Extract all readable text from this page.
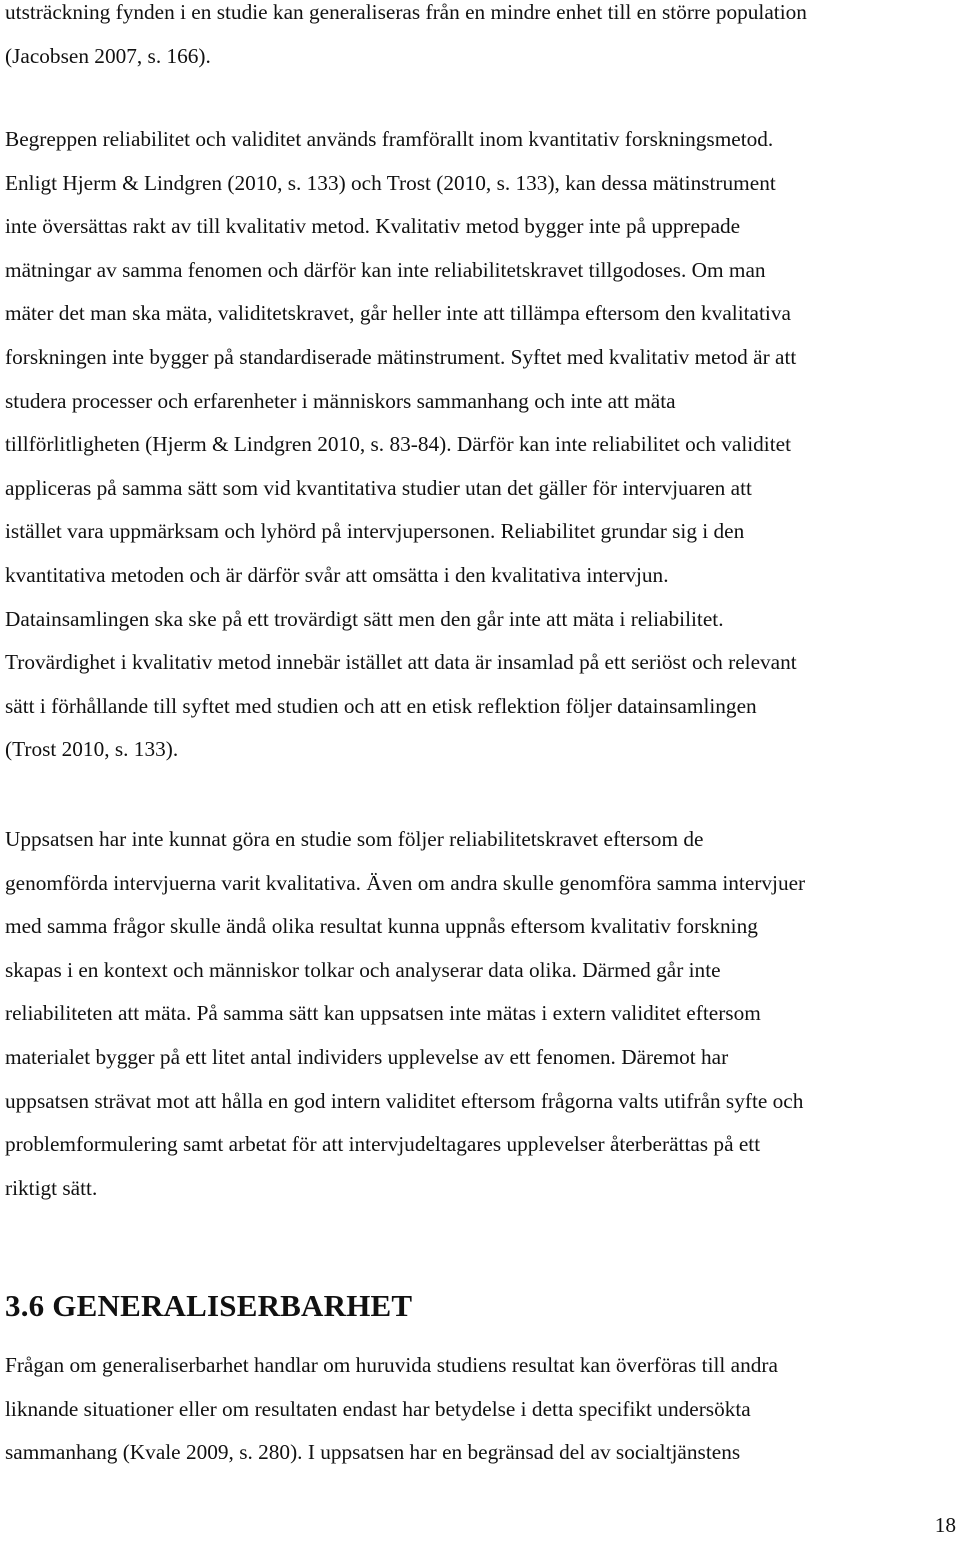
utsträckning fynden i en studie kan generaliseras från en mindre enhet till en större population
(Jacobsen 2007, s. 166).
Begreppen reliabilitet och validitet används framförallt inom kvantitativ forskningsmetod.
Enligt Hjerm & Lindgren (2010, s. 133) och Trost (2010, s. 133), kan dessa mätinstrument
inte översättas rakt av till kvalitativ metod. Kvalitativ metod bygger inte på upprepade
mätningar av samma fenomen och därför kan inte reliabilitetskravet tillgodoses. Om man
mäter det man ska mäta, validitetskravet, går heller inte att tillämpa eftersom den kvalitativa
forskningen inte bygger på standardiserade mätinstrument. Syftet med kvalitativ metod är att
studera processer och erfarenheter i människors sammanhang och inte att mäta
tillförlitligheten (Hjerm & Lindgren 2010, s. 83-84). Därför kan inte reliabilitet och validitet
appliceras på samma sätt som vid kvantitativa studier utan det gäller för intervjuaren att
istället vara uppmärksam och lyhörd på intervjupersonen. Reliabilitet grundar sig i den
kvantitativa metoden och är därför svår att omsätta i den kvalitativa intervjun.
Datainsamlingen ska ske på ett trovärdigt sätt men den går inte att mäta i reliabilitet.
Trovärdighet i kvalitativ metod innebär istället att data är insamlad på ett seriöst och relevant
sätt i förhållande till syftet med studien och att en etisk reflektion följer datainsamlingen
(Trost 2010, s. 133).
Uppsatsen har inte kunnat göra en studie som följer reliabilitetskravet eftersom de
genomförda intervjuerna varit kvalitativa. Även om andra skulle genomföra samma intervjuer
med samma frågor skulle ändå olika resultat kunna uppnås eftersom kvalitativ forskning
skapas i en kontext och människor tolkar och analyserar data olika. Därmed går inte
reliabiliteten att mäta. På samma sätt kan uppsatsen inte mätas i extern validitet eftersom
materialet bygger på ett litet antal individers upplevelse av ett fenomen. Däremot har
uppsatsen strävat mot att hålla en god intern validitet eftersom frågorna valts utifrån syfte och
problemformulering samt arbetat för att intervjudeltagares upplevelser återberättas på ett
riktigt sätt.
3.6 GENERALISERBARHET
Frågan om generaliserbarhet handlar om huruvida studiens resultat kan överföras till andra
liknande situationer eller om resultaten endast har betydelse i detta specifikt undersökta
sammanhang (Kvale 2009, s. 280). I uppsatsen har en begränsad del av socialtjänstens
18
